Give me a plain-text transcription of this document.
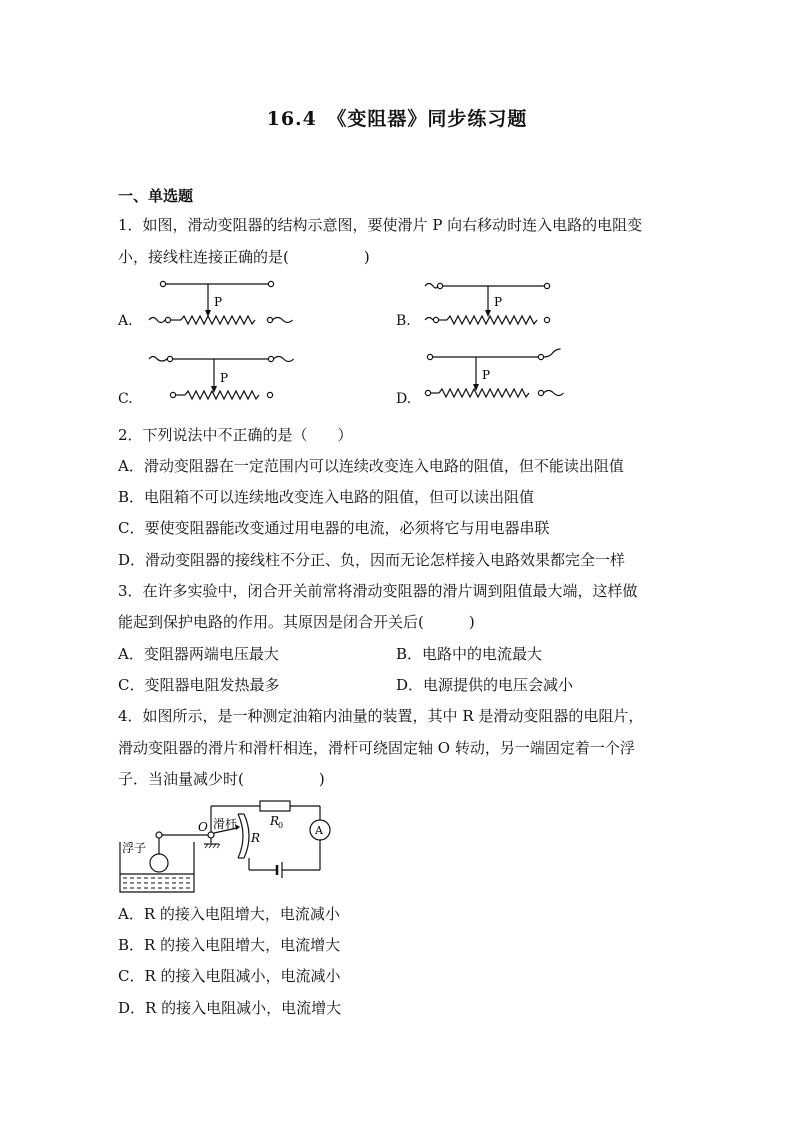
16.4　《变阻器》同步练习题
一、单选题
1．如图，滑动变阻器的结构示意图，要使滑片 P 向右移动时连入电路的电阻变
小，接线柱连接正确的是(　　　　　)
A.	B.
C.	D.
P	P
P	P
2．下列说法中不正确的是（　　）
A．滑动变阻器在一定范围内可以连续改变连入电路的阻值，但不能读出阻值
B．电阻箱不可以连续地改变连入电路的阻值，但可以读出阻值
C．要使变阻器能改变通过用电器的电流，必须将它与用电器串联
D．滑动变阻器的接线柱不分正、负，因而无论怎样接入电路效果都完全一样
3．在许多实验中，闭合开关前常将滑动变阻器的滑片调到阻值最大端，这样做
能起到保护电路的作用。其原因是闭合开关后(　　　)
A．变阻器两端电压最大	B．电路中的电流最大
C．变阻器电阻发热最多	D．电源提供的电压会减小
4．如图所示，是一种测定油箱内油量的装置，其中 R 是滑动变阻器的电阻片，
滑动变阻器的滑片和滑杆相连，滑杆可绕固定轴 O 转动，另一端固定着一个浮
子．当油量减少时(　　　　　)
浮子
滑杆
O
R
R
0	A
A．R 的接入电阻增大，电流减小
B．R 的接入电阻增大，电流增大
C．R 的接入电阻减小，电流减小
D．R 的接入电阻减小，电流增大
